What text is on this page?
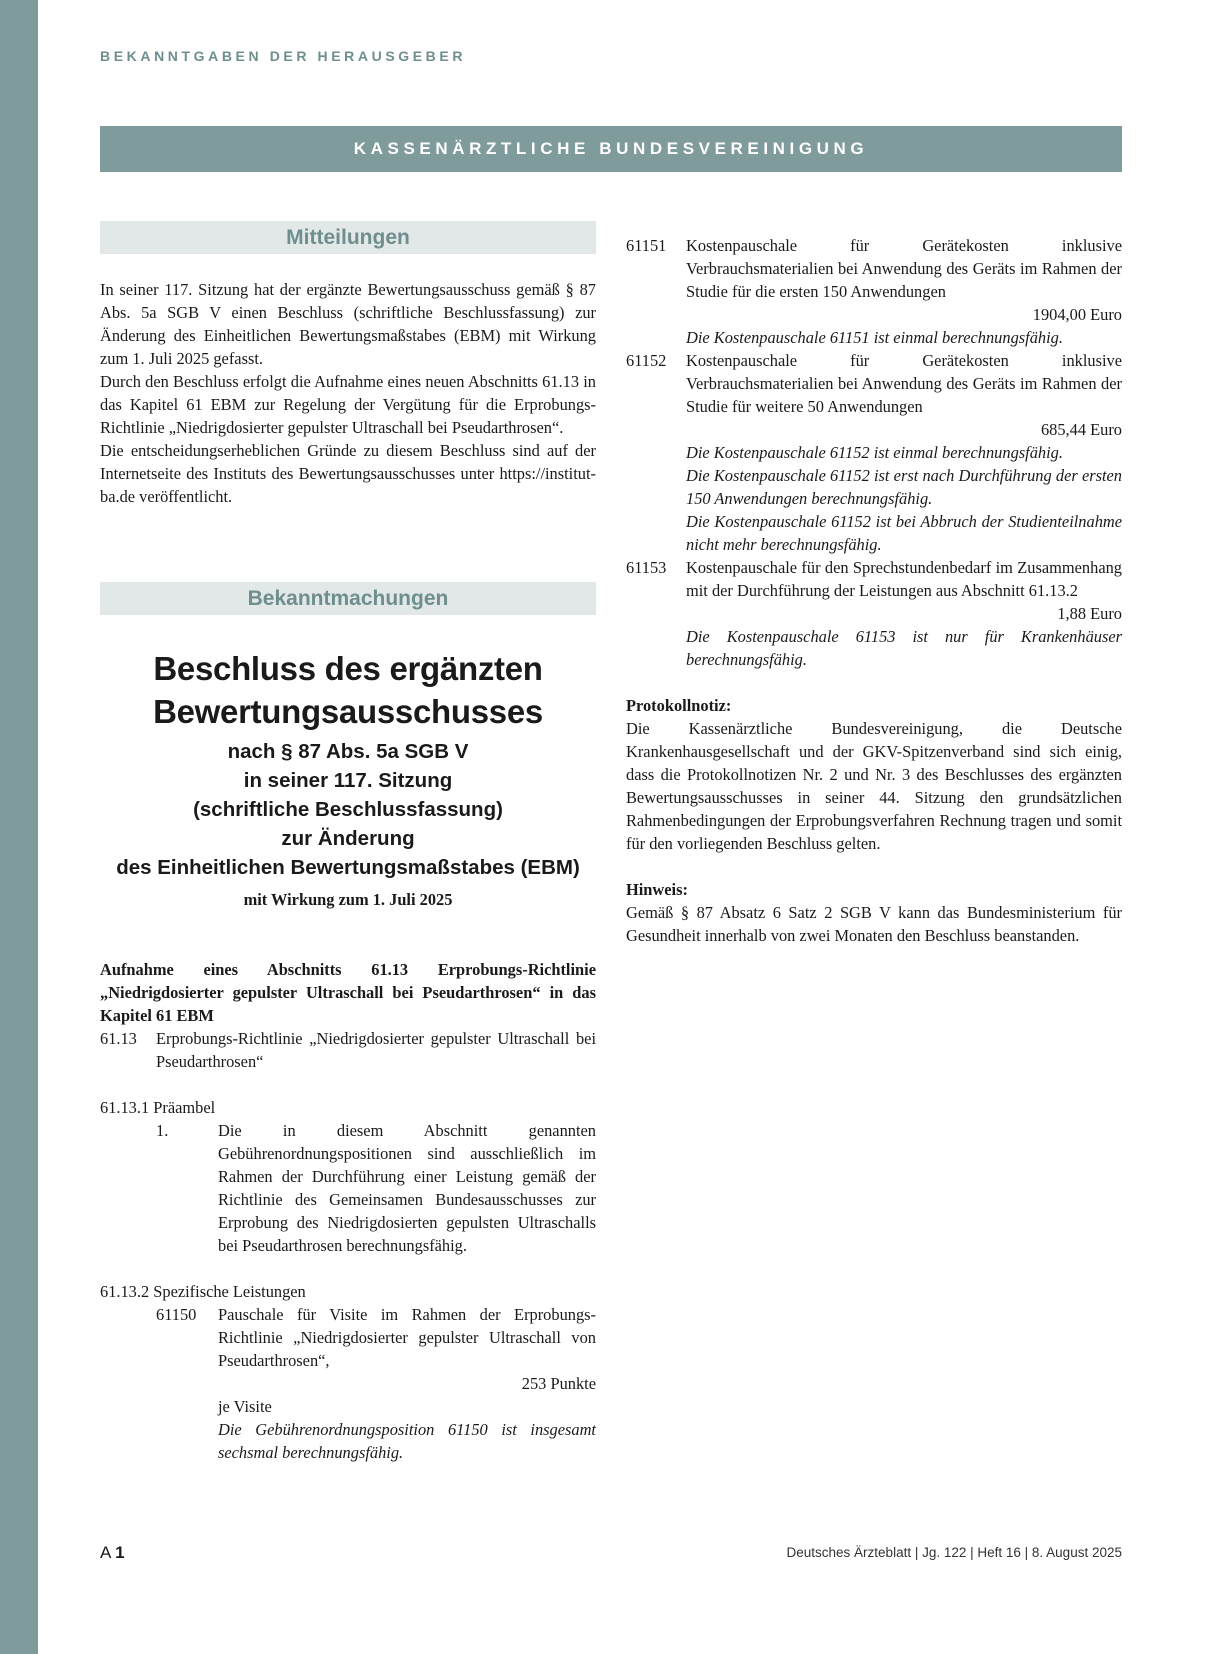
BEKANNTGABEN DER HERAUSGEBER
KASSENÄRZTLICHE BUNDESVEREINIGUNG
Mitteilungen

In seiner 117. Sitzung hat der ergänzte Bewertungsausschuss gemäß § 87 Abs. 5a SGB V einen Beschluss (schriftliche Beschlussfassung) zur Änderung des Einheitlichen Bewertungsmaßstabes (EBM) mit Wirkung zum 1. Juli 2025 gefasst.

Durch den Beschluss erfolgt die Aufnahme eines neuen Abschnitts 61.13 in das Kapitel 61 EBM zur Regelung der Vergütung für die Erprobungs-Richtlinie „Niedrigdosierter gepulster Ultraschall bei Pseudarthrosen“.

Die entscheidungserheblichen Gründe zu diesem Beschluss sind auf der Internetseite des Instituts des Bewertungsausschusses unter https://institut-ba.de veröffentlicht.

Bekanntmachungen
Beschluss des ergänzten
Bewertungsausschusses
nach § 87 Abs. 5a SGB V
in seiner 117. Sitzung
(schriftliche Beschlussfassung)
zur Änderung
des Einheitlichen Bewertungsmaßstabes (EBM)
mit Wirkung zum 1. Juli 2025
Aufnahme eines Abschnitts 61.13 Erprobungs-Richtlinie „Niedrigdosierter gepulster Ultraschall bei Pseudarthrosen“ in das Kapitel 61 EBM
61.13	Erprobungs-Richtlinie „Niedrigdosierter gepulster Ultraschall bei Pseudarthrosen“
61.13.1 Präambel
1.	Die in diesem Abschnitt genannten Gebührenordnungspositionen sind ausschließlich im Rahmen der Durchführung einer Leistung gemäß der Richtlinie des Gemeinsamen Bundesausschusses zur Erprobung des Niedrigdosierten gepulsten Ultraschalls bei Pseudarthrosen berechnungsfähig.
61.13.2 Spezifische Leistungen
61150	Pauschale für Visite im Rahmen der Erprobungs-Richtlinie „Niedrigdosierter gepulster Ultraschall von Pseudarthrosen“,
253 Punkte
je Visite
Die Gebührenordnungsposition 61150 ist insgesamt sechsmal berechnungsfähig.
61151	Kostenpauschale für Gerätekosten inklusive Verbrauchsmaterialien bei Anwendung des Geräts im Rahmen der Studie für die ersten 150 Anwendungen
1904,00 Euro
Die Kostenpauschale 61151 ist einmal berechnungsfähig.
61152	Kostenpauschale für Gerätekosten inklusive Verbrauchsmaterialien bei Anwendung des Geräts im Rahmen der Studie für weitere 50 Anwendungen
685,44 Euro
Die Kostenpauschale 61152 ist einmal berechnungsfähig.
Die Kostenpauschale 61152 ist erst nach Durchführung der ersten 150 Anwendungen berechnungsfähig.
Die Kostenpauschale 61152 ist bei Abbruch der Studienteilnahme nicht mehr berechnungsfähig.
61153	Kostenpauschale für den Sprechstundenbedarf im Zusammenhang mit der Durchführung der Leistungen aus Abschnitt 61.13.2
1,88 Euro
Die Kostenpauschale 61153 ist nur für Krankenhäuser berechnungsfähig.
Protokollnotiz:

Die Kassenärztliche Bundesvereinigung, die Deutsche Krankenhausgesellschaft und der GKV-Spitzenverband sind sich einig, dass die Protokollnotizen Nr. 2 und Nr. 3 des Beschlusses des ergänzten Bewertungsausschusses in seiner 44. Sitzung den grundsätzlichen Rahmenbedingungen der Erprobungsverfahren Rechnung tragen und somit für den vorliegenden Beschluss gelten.

Hinweis:

Gemäß § 87 Absatz 6 Satz 2 SGB V kann das Bundesministerium für Gesundheit innerhalb von zwei Monaten den Beschluss beanstanden.

A 1	Deutsches Ärzteblatt | Jg. 122 | Heft 16 | 8. August 2025
